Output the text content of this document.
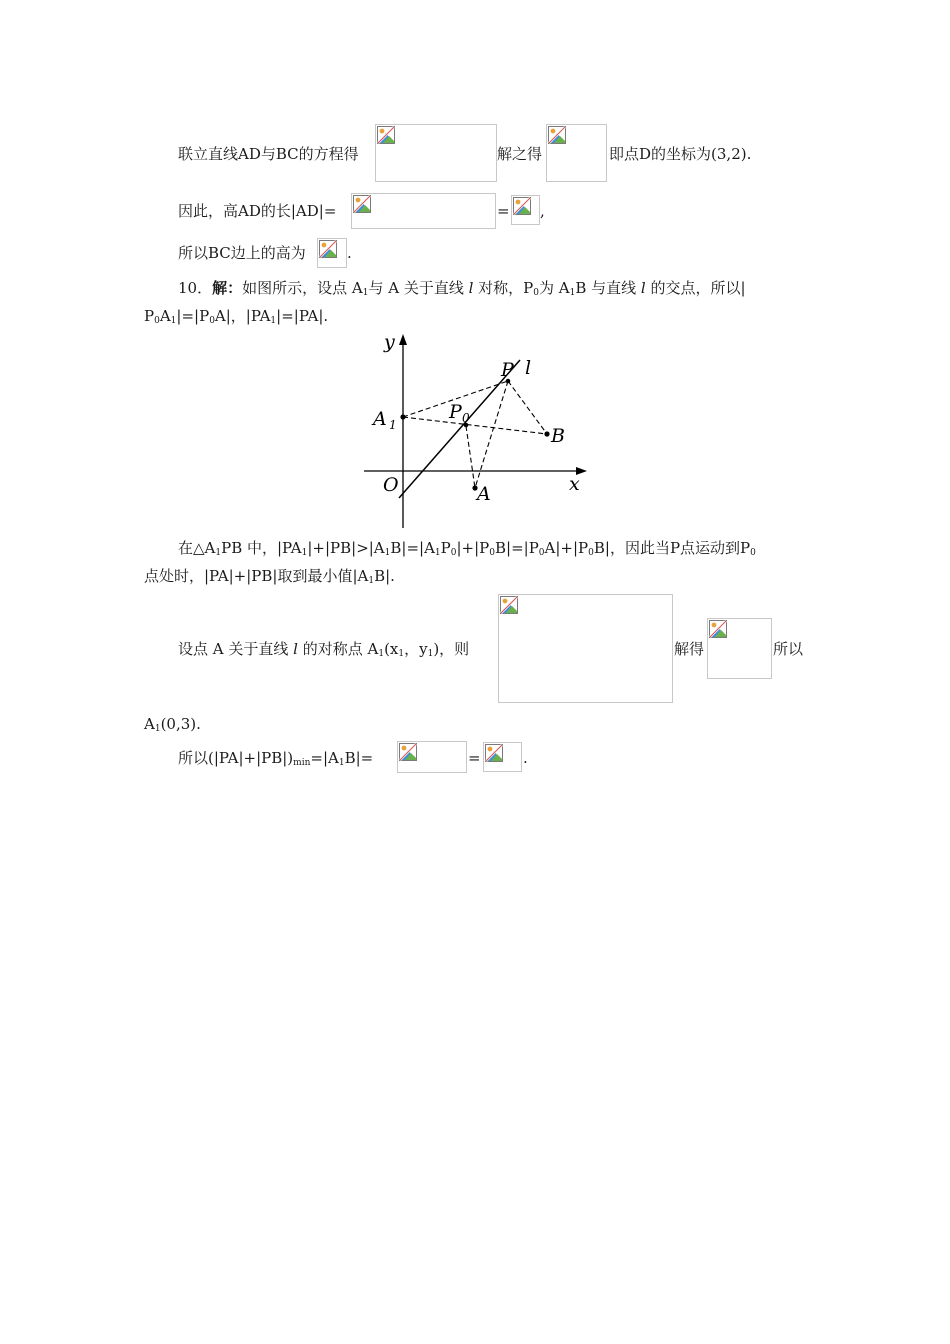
联立直线AD与BC的方程得	解之得	即点D的坐标为(3,2).
因此，高AD的长|AD|=	= ,
所以BC边上的高为	.
10．解：如图所示，设点 $A_1$与 A 关于直线 l 对称，$P_0$为 $A_1B$ 与直线 l 的交点，所以|
$P_0A_1|=|P_0A|$，$|PA_1|=|PA|$.
y
x
O
A 1
P 0
P l
B
A
在$\triangle A_1PB$ 中，$|PA_1|+|PB|>|A_1B|=|A_1P_0|+|P_0B|=|P_0A|+|P_0B|$，因此当P点运动到$P_0$
点处时，|PA|+|PB|取到最小值$|A_1B|$.
设点 A 关于直线 l 的对称点 $A_1(x_1$，$y_1$)，则	解得	所以
$A_1(0,3)$.
所以$(|PA|+|PB|)_{min}=|A_1B|=$	=	.
